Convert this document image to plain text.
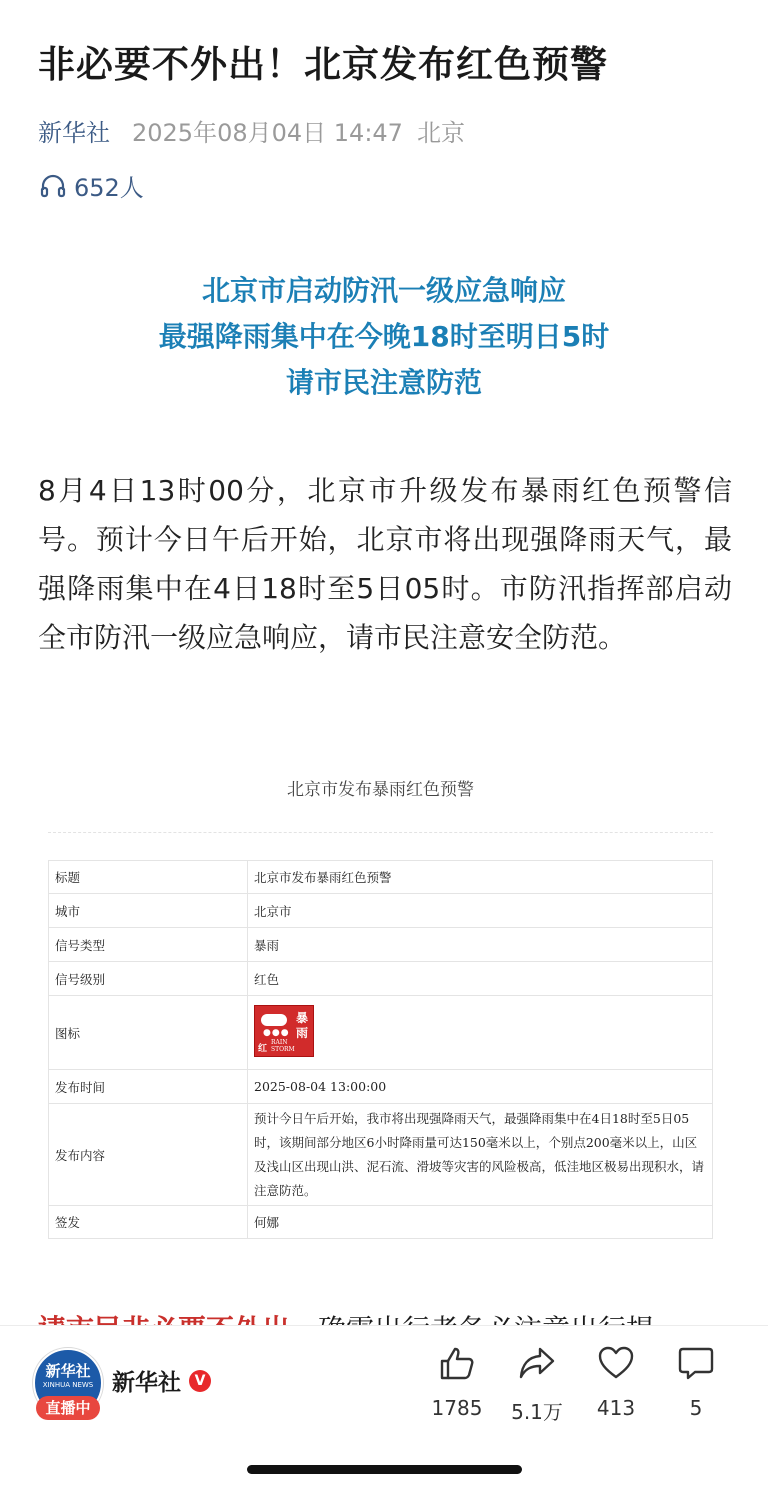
非必要不外出！北京发布红色预警
新华社 2025年08月04日 14:47 北京
652人
北京市启动防汛一级应急响应
最强降雨集中在今晚18时至明日5时
请市民注意防范

8月4日13时00分，北京市升级发布暴雨红色预警信号。预计今日午后开始，北京市将出现强降雨天气，最强降雨集中在4日18时至5日05时。市防汛指挥部启动全市防汛一级应急响应，请市民注意安全防范。

北京市发布暴雨红色预警
标题	北京市发布暴雨红色预警
城市	北京市
信号类型	暴雨
信号级别	红色
图标	●●●
暴
雨
红
RAIN STORM

发布时间	2025-08-04 13:00:00
发布内容	预计今日午后开始，我市将出现强降雨天气，最强降雨集中在4日18时至5日05时，该期间部分地区6小时降雨量可达150毫米以上，个别点200毫米以上，山区及浅山区出现山洪、泥石流、滑坡等灾害的风险极高，低洼地区极易出现积水，请注意防范。
签发	何娜
新华社
XINHUA NEWS
直播中
新华社 V
1785	5.1万	413	5
